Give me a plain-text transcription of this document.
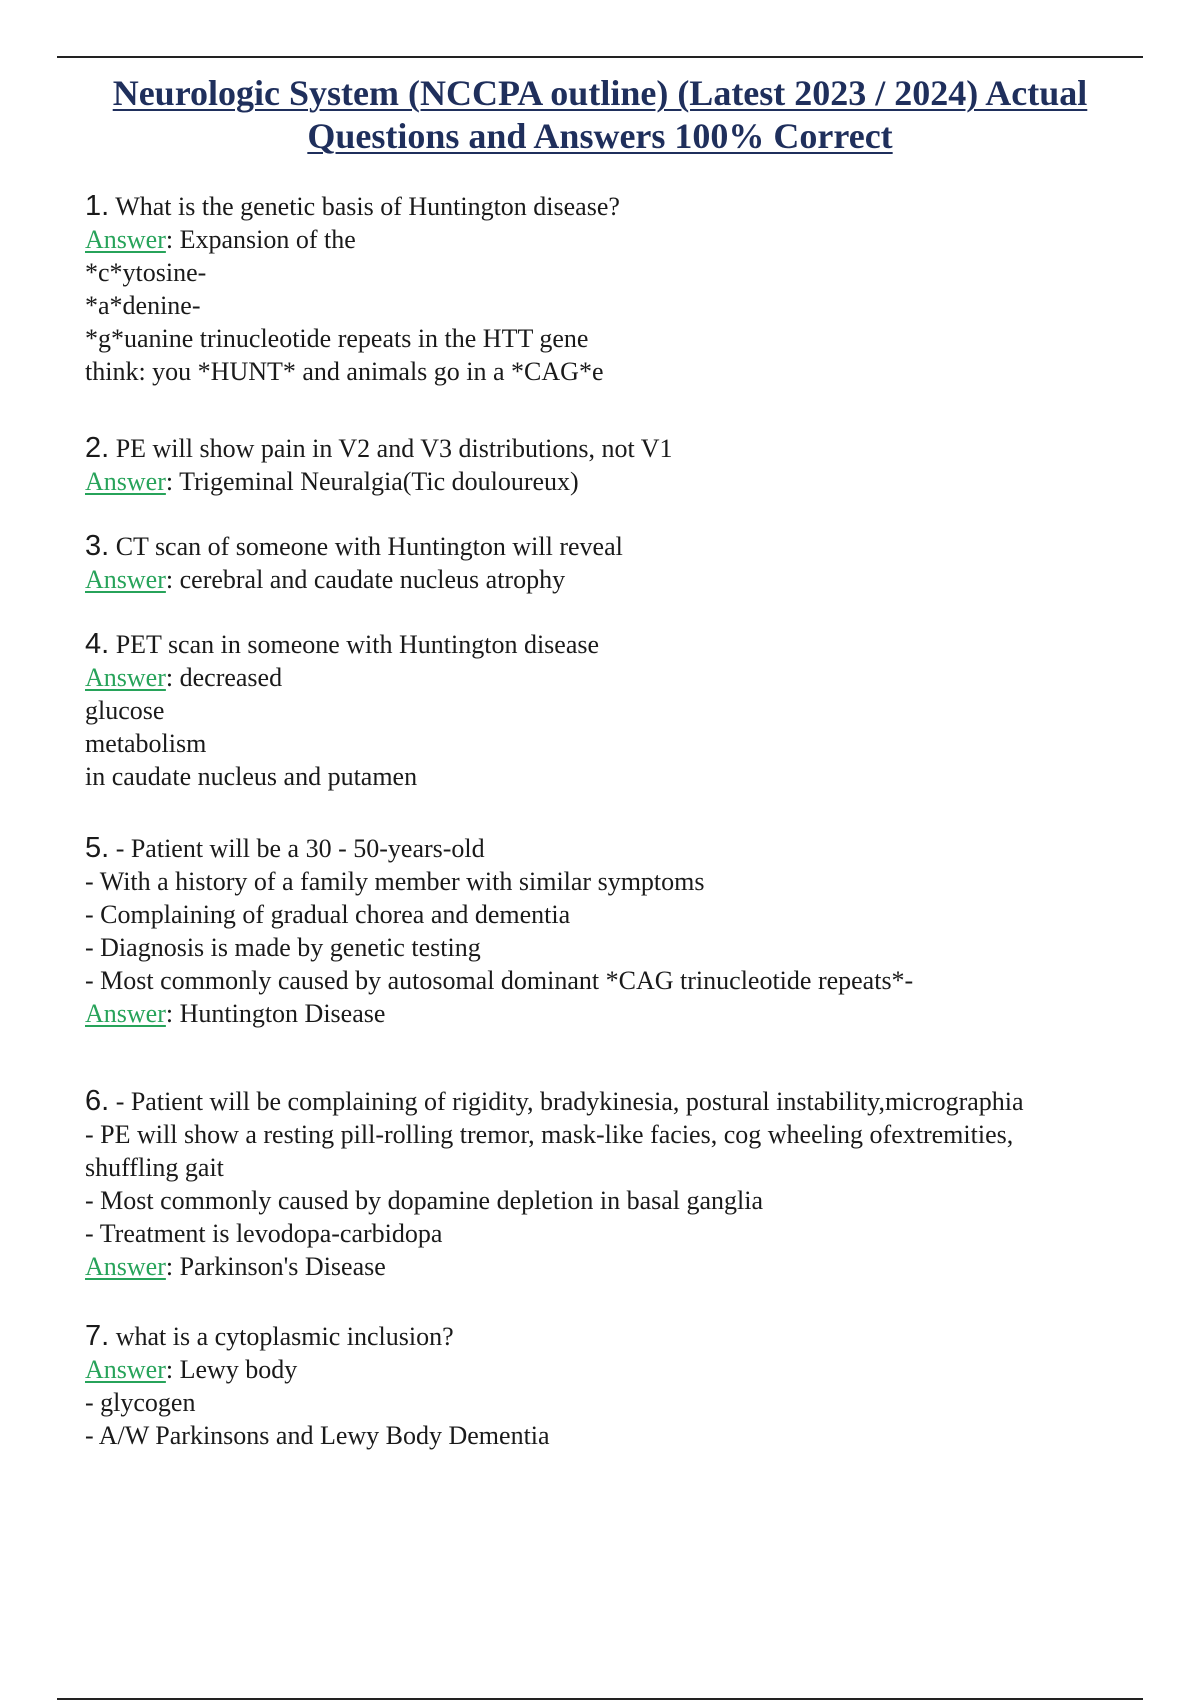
Neurologic System (NCCPA outline) (Latest 2023 / 2024) Actual
Questions and Answers 100% Correct

1. What is the genetic basis of Huntington disease?

Answer: Expansion of the

*c*ytosine-

*a*denine-

*g*uanine trinucleotide repeats in the HTT gene

think: you *HUNT* and animals go in a *CAG*e

2. PE will show pain in V2 and V3 distributions, not V1

Answer: Trigeminal Neuralgia(Tic douloureux)

3. CT scan of someone with Huntington will reveal

Answer: cerebral and caudate nucleus atrophy

4. PET scan in someone with Huntington disease

Answer: decreased

glucose

metabolism

in caudate nucleus and putamen

5. - Patient will be a 30 - 50-years-old

- With a history of a family member with similar symptoms

- Complaining of gradual chorea and dementia

- Diagnosis is made by genetic testing

- Most commonly caused by autosomal dominant *CAG trinucleotide repeats*-

Answer: Huntington Disease

6. - Patient will be complaining of rigidity, bradykinesia, postural instability,micrographia

- PE will show a resting pill-rolling tremor, mask-like facies, cog wheeling ofextremities,

shuffling gait

- Most commonly caused by dopamine depletion in basal ganglia

- Treatment is levodopa-carbidopa

Answer: Parkinson's Disease

7. what is a cytoplasmic inclusion?

Answer: Lewy body

- glycogen

- A/W Parkinsons and Lewy Body Dementia
